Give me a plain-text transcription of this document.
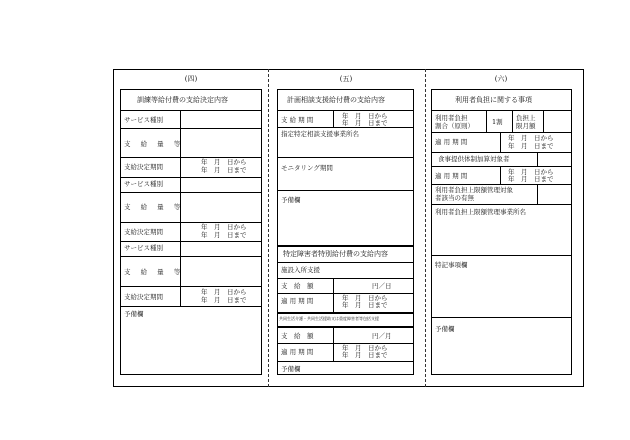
(四)
訓練等給付費の支給決定内容
サービス種別
支 給 量 等
支給決定期間
年　月　日から
年　月　日まで
サービス種別
支 給 量 等
支給決定期間
年　月　日から
年　月　日まで
サービス種別
支 給 量 等
支給決定期間
年　月　日から
年　月　日まで
予備欄
(五)
計画相談支援給付費の支給内容
支 給 期 間	年　月　日から
年　月　日まで
指定特定相談支援事業所名
モニタリング期間
予備欄
特定障害者特別給付費の支給内容
施設入所支援
支　給　額	円／日
適 用 期 間	年　月　日から
年　月　日まで
共同生活介護・共同生活援助又は重度障害者等包括支援
支　給　額	円／月
適 用 期 間	年　月　日から
年　月　日まで
予備欄
(六)
利用者負担に関する事項
利用者負担
割合（原則）	1割 負担上
限月額
適 用 期 間	年　月　日から
年　月　日まで
食事提供体制加算対象者
適 用 期 間	年　月　日から
年　月　日まで
利用者負担上限額管理対象
者該当の有無
利用者負担上限額管理事業所名
特記事項欄
予備欄
